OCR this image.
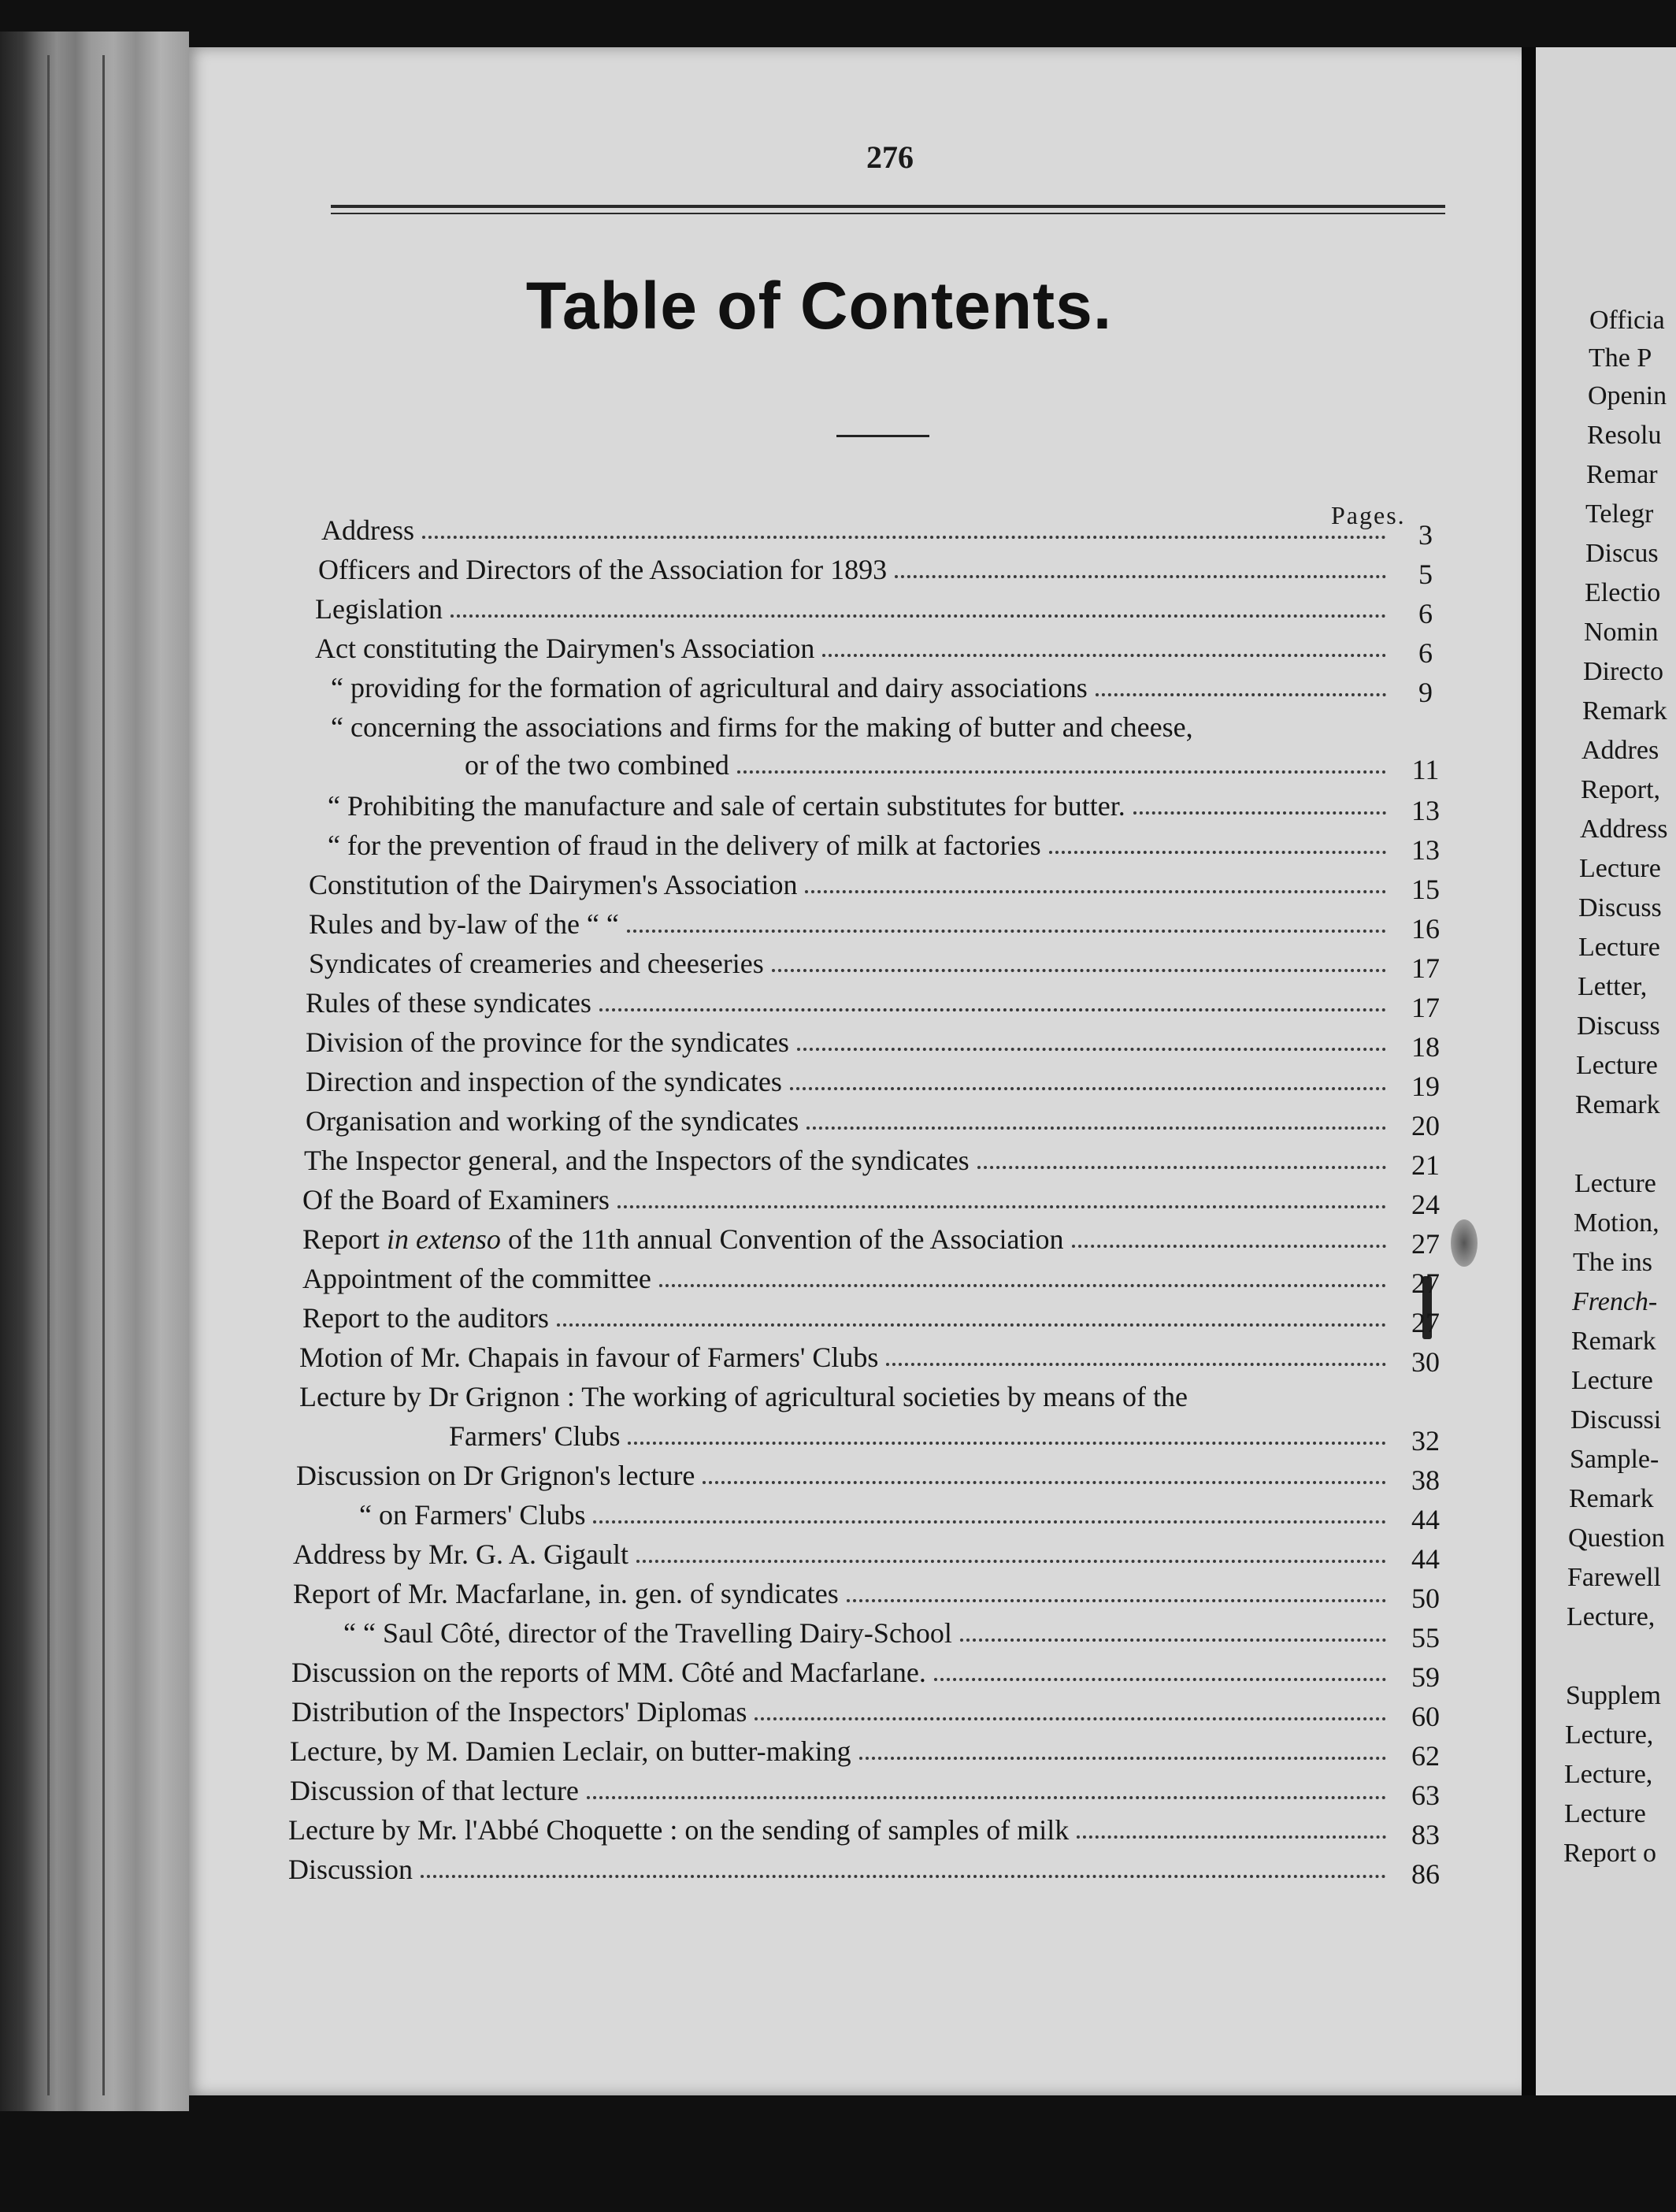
276
Table of Contents.
Pages.
Address	3
Officers and Directors of the Association for 1893	5
Legislation	6
Act constituting the Dairymen's Association	6
“ providing for the formation of agricultural and dairy associations	9
“ concerning the associations and firms for the making of butter and cheese,
or of the two combined	11
“ Prohibiting the manufacture and sale of certain substitutes for butter.	13
“ for the prevention of fraud in the delivery of milk at factories	13
Constitution of the Dairymen's Association	15
Rules and by-law of the “ “	16
Syndicates of creameries and cheeseries	17
Rules of these syndicates	17
Division of the province for the syndicates	18
Direction and inspection of the syndicates	19
Organisation and working of the syndicates	20
The Inspector general, and the Inspectors of the syndicates	21
Of the Board of Examiners	24
Report in extenso of the 11th annual Convention of the Association	27
Appointment of the committee	27
Report to the auditors	27
Motion of Mr. Chapais in favour of Farmers' Clubs	30
Lecture by Dr Grignon : The working of agricultural societies by means of the
Farmers' Clubs	32
Discussion on Dr Grignon's lecture	38
“ on Farmers' Clubs	44
Address by Mr. G. A. Gigault	44
Report of Mr. Macfarlane, in. gen. of syndicates	50
“ “ Saul Côté, director of the Travelling Dairy-School	55
Discussion on the reports of MM. Côté and Macfarlane.	59
Distribution of the Inspectors' Diplomas	60
Lecture, by M. Damien Leclair, on butter-making	62
Discussion of that lecture	63
Lecture by Mr. l'Abbé Choquette : on the sending of samples of milk	83
Discussion	86
Officia
The P
Openin
Resolu
Remar
Telegr
Discus
Electio
Nomin
Directo
Remark
Addres
Report,
Address
Lecture
Discuss
Lecture
Letter,
Discuss
Lecture
Remark
Lecture
Motion,
The ins
French-
Remark
Lecture
Discussi
Sample-
Remark
Question
Farewell
Lecture,
Supplem
Lecture,
Lecture,
Lecture
Report o
